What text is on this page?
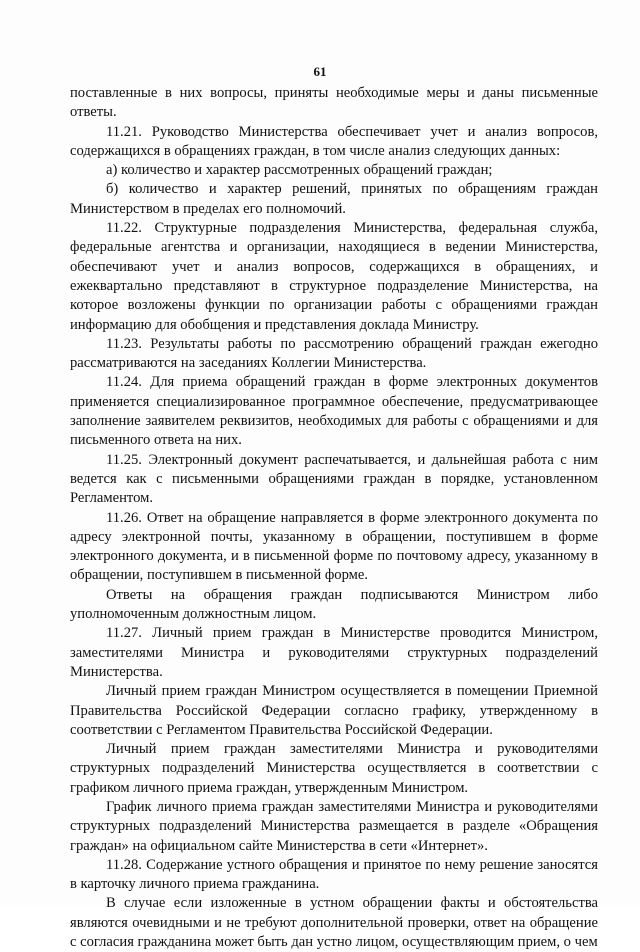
61

поставленные в них вопросы, приняты необходимые меры и даны письменные ответы.

11.21. Руководство Министерства обеспечивает учет и анализ вопросов, содержащихся в обращениях граждан, в том числе анализ следующих данных:

а) количество и характер рассмотренных обращений граждан;

б) количество и характер решений, принятых по обращениям граждан Министерством в пределах его полномочий.

11.22. Структурные подразделения Министерства, федеральная служба, федеральные агентства и организации, находящиеся в ведении Министерства, обеспечивают учет и анализ вопросов, содержащихся в обращениях, и ежеквартально представляют в структурное подразделение Министерства, на которое возложены функции по организации работы с обращениями граждан информацию для обобщения и представления доклада Министру.

11.23. Результаты работы по рассмотрению обращений граждан ежегодно рассматриваются на заседаниях Коллегии Министерства.

11.24. Для приема обращений граждан в форме электронных документов применяется специализированное программное обеспечение, предусматривающее заполнение заявителем реквизитов, необходимых для работы с обращениями и для письменного ответа на них.

11.25. Электронный документ распечатывается, и дальнейшая работа с ним ведется как с письменными обращениями граждан в порядке, установленном Регламентом.

11.26. Ответ на обращение направляется в форме электронного документа по адресу электронной почты, указанному в обращении, поступившем в форме электронного документа, и в письменной форме по почтовому адресу, указанному в обращении, поступившем в письменной форме.

Ответы на обращения граждан подписываются Министром либо уполномоченным должностным лицом.

11.27. Личный прием граждан в Министерстве проводится Министром, заместителями Министра и руководителями структурных подразделений Министерства.

Личный прием граждан Министром осуществляется в помещении Приемной Правительства Российской Федерации согласно графику, утвержденному в соответствии с Регламентом Правительства Российской Федерации.

Личный прием граждан заместителями Министра и руководителями структурных подразделений Министерства осуществляется в соответствии с графиком личного приема граждан, утвержденным Министром.

График личного приема граждан заместителями Министра и руководителями структурных подразделений Министерства размещается в разделе «Обращения граждан» на официальном сайте Министерства в сети «Интернет».

11.28. Содержание устного обращения и принятое по нему решение заносятся в карточку личного приема гражданина.

В случае если изложенные в устном обращении факты и обстоятельства являются очевидными и не требуют дополнительной проверки, ответ на обращение с согласия гражданина может быть дан устно лицом, осуществляющим прием, о чем
